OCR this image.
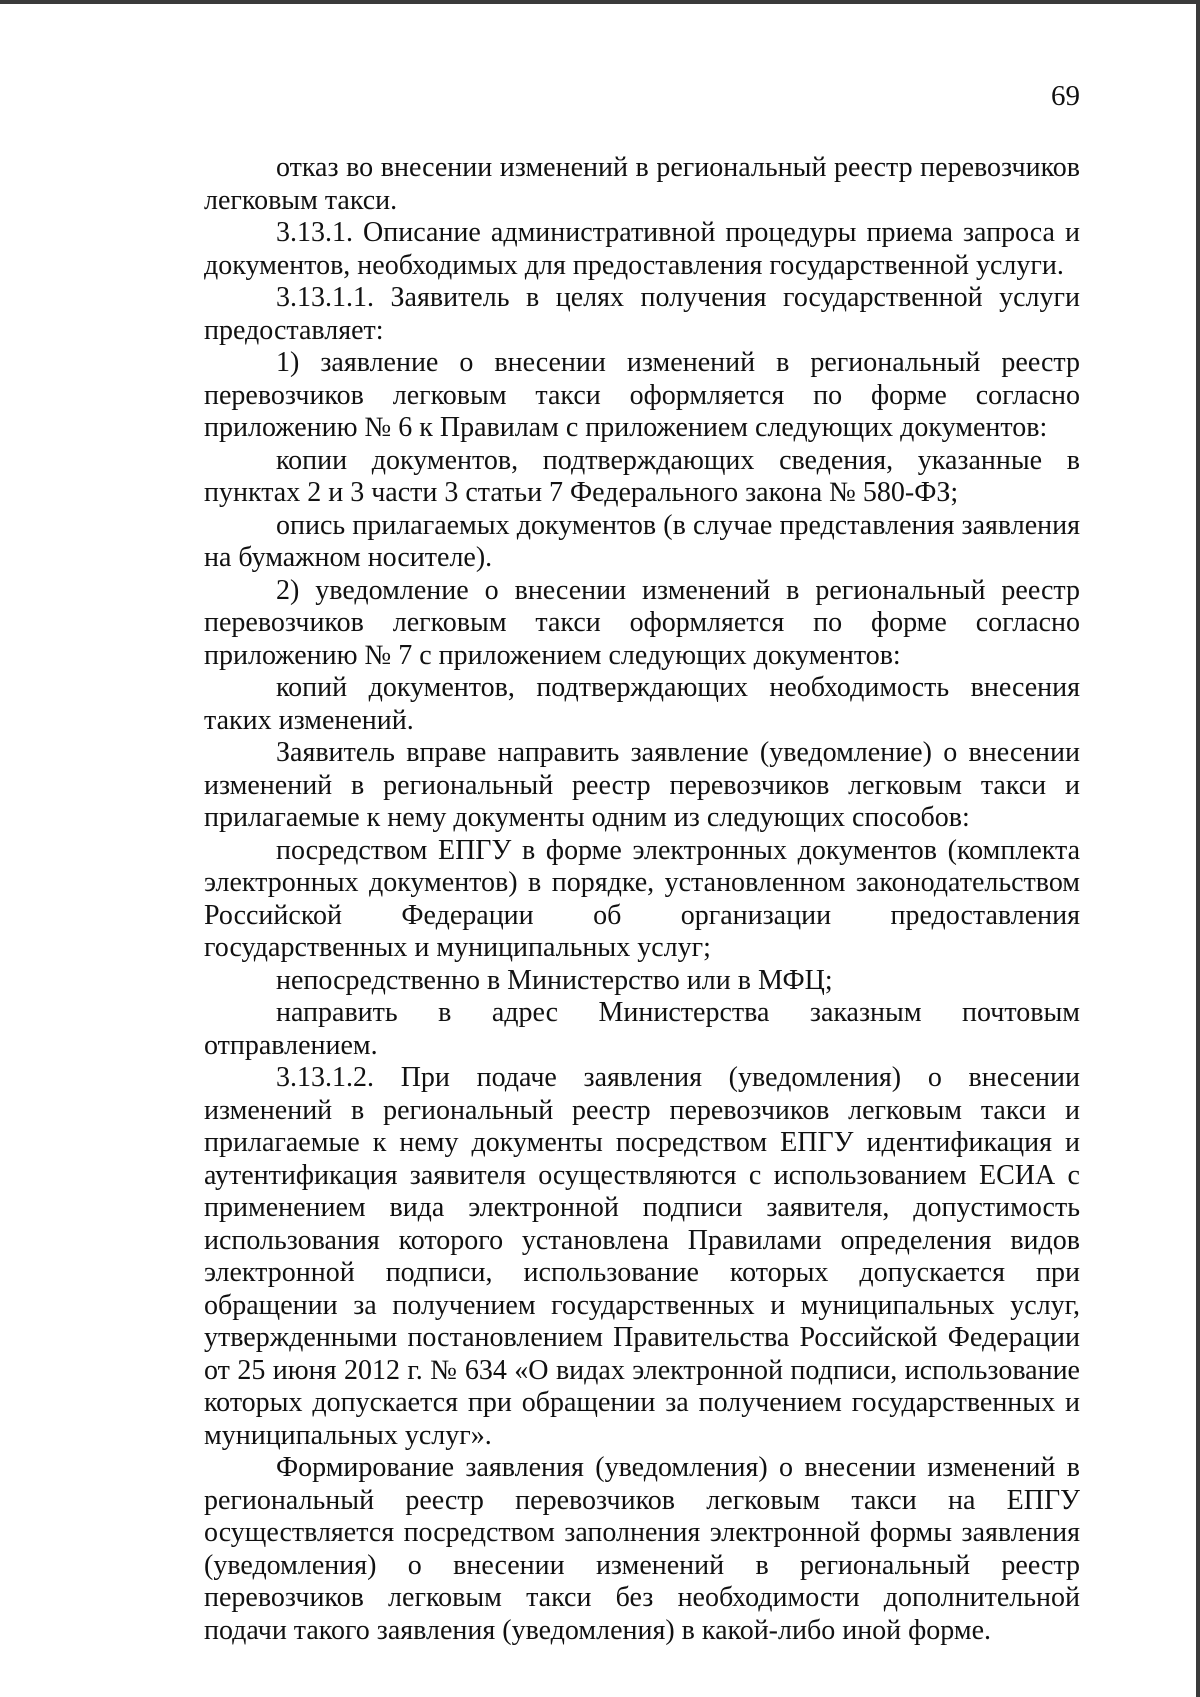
69

отказ во внесении изменений в региональный реестр перевозчиков легковым такси.

3.13.1. Описание административной процедуры приема запроса и документов, необходимых для предоставления государственной услуги.

3.13.1.1. Заявитель в целях получения государственной услуги предоставляет:

1) заявление о внесении изменений в региональный реестр перевозчиков легковым такси оформляется по форме согласно приложению № 6 к Правилам с приложением следующих документов:

копии документов, подтверждающих сведения, указанные в пунктах 2 и 3 части 3 статьи 7 Федерального закона № 580-ФЗ;

опись прилагаемых документов (в случае представления заявления на бумажном носителе).

2) уведомление о внесении изменений в региональный реестр перевозчиков легковым такси оформляется по форме согласно приложению № 7 с приложением следующих документов:

копий документов, подтверждающих необходимость внесения таких изменений.

Заявитель вправе направить заявление (уведомление) о внесении изменений в региональный реестр перевозчиков легковым такси и прилагаемые к нему документы одним из следующих способов:

посредством ЕПГУ в форме электронных документов (комплекта электронных документов) в порядке, установленном законодательством Российской Федерации об организации предоставления государственных и муниципальных услуг;

непосредственно в Министерство или в МФЦ;

направить в адрес Министерства заказным почтовым отправлением.

3.13.1.2. При подаче заявления (уведомления) о внесении изменений в региональный реестр перевозчиков легковым такси и прилагаемые к нему документы посредством ЕПГУ идентификация и аутентификация заявителя осуществляются с использованием ЕСИА с применением вида электронной подписи заявителя, допустимость использования которого установлена Правилами определения видов электронной подписи, использование которых допускается при обращении за получением государственных и муниципальных услуг, утвержденными постановлением Правительства Российской Федерации от 25 июня 2012 г. № 634 «О видах электронной подписи, использование которых допускается при обращении за получением государственных и муниципальных услуг».

Формирование заявления (уведомления) о внесении изменений в региональный реестр перевозчиков легковым такси на ЕПГУ осуществляется посредством заполнения электронной формы заявления (уведомления) о внесении изменений в региональный реестр перевозчиков легковым такси без необходимости дополнительной подачи такого заявления (уведомления) в какой-либо иной форме.
